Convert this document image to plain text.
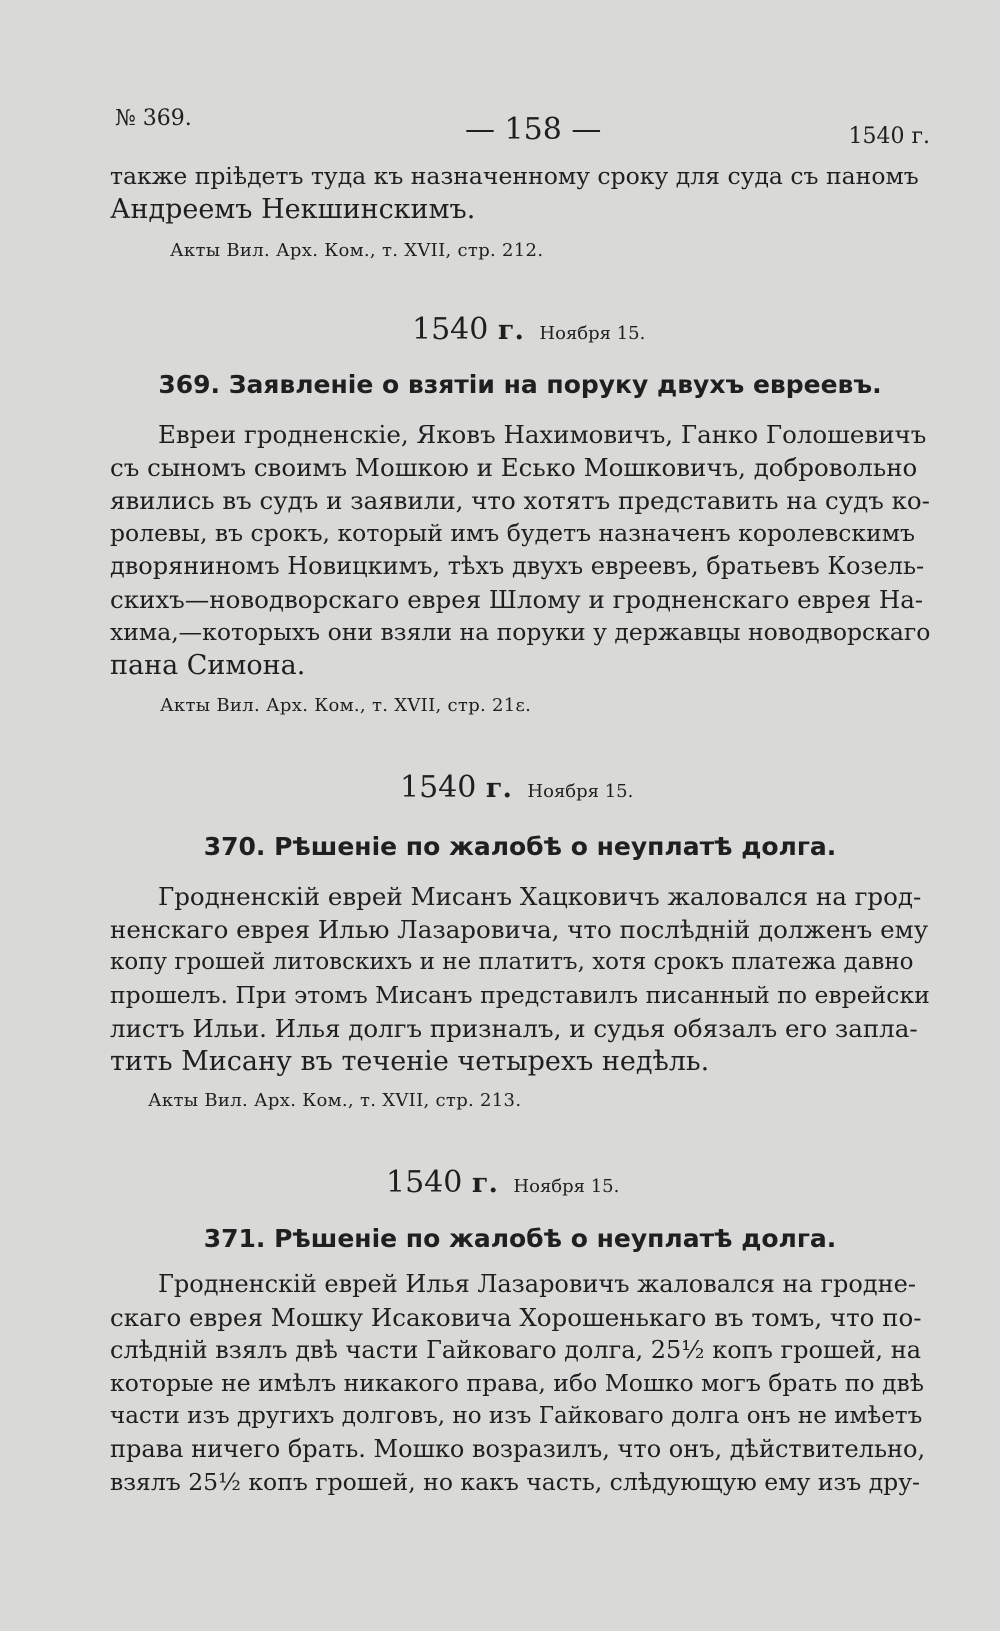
№ 369.	— 158 —	1540 г.
также пріѣдетъ туда къ назначенному сроку для суда съ паномъ
Андреемъ Некшинскимъ.
Акты Вил. Арх. Ком., т. XVII, стр. 212.
1540 г. Ноября 15.
369. Заявленіе о взятіи на поруку двухъ евреевъ.
Евреи гродненскіе, Яковъ Нахимовичъ, Ганко Голошевичъ
съ сыномъ своимъ Мошкою и Есько Мошковичъ, добровольно
явились въ судъ и заявили, что хотятъ представить на судъ ко-
ролевы, въ срокъ, который имъ будетъ назначенъ королевскимъ
дворяниномъ Новицкимъ, тѣхъ двухъ евреевъ, братьевъ Козель-
скихъ—новодворскаго еврея Шлому и гродненскаго еврея На-
хима,—которыхъ они взяли на поруки у державцы новодворскаго
пана Симона.
Акты Вил. Арх. Ком., т. XVII, стр. 21ε.
1540 г. Ноября 15.
370. Рѣшеніе по жалобѣ о неуплатѣ долга.
Гродненскій еврей Мисанъ Хацковичъ жаловался на грод-
ненскаго еврея Илью Лазаровича, что послѣдній долженъ ему
копу грошей литовскихъ и не платитъ, хотя срокъ платежа давно
прошелъ. При этомъ Мисанъ представилъ писанный по еврейски
листъ Ильи. Илья долгъ призналъ, и судья обязалъ его запла-
тить Мисану въ теченіе четырехъ недѣль.
Акты Вил. Арх. Ком., т. XVII, стр. 213.
1540 г. Ноября 15.
371. Рѣшеніе по жалобѣ о неуплатѣ долга.
Гродненскій еврей Илья Лазаровичъ жаловался на гродне-
скаго еврея Мошку Исаковича Хорошенькаго въ томъ, что по-
слѣдній взялъ двѣ части Гайковаго долга, 25½ копъ грошей, на
которые не имѣлъ никакого права, ибо Мошко могъ брать по двѣ
части изъ другихъ долговъ, но изъ Гайковаго долга онъ не имѣетъ
права ничего брать. Мошко возразилъ, что онъ, дѣйствительно,
взялъ 25½ копъ грошей, но какъ часть, слѣдующую ему изъ дру-
